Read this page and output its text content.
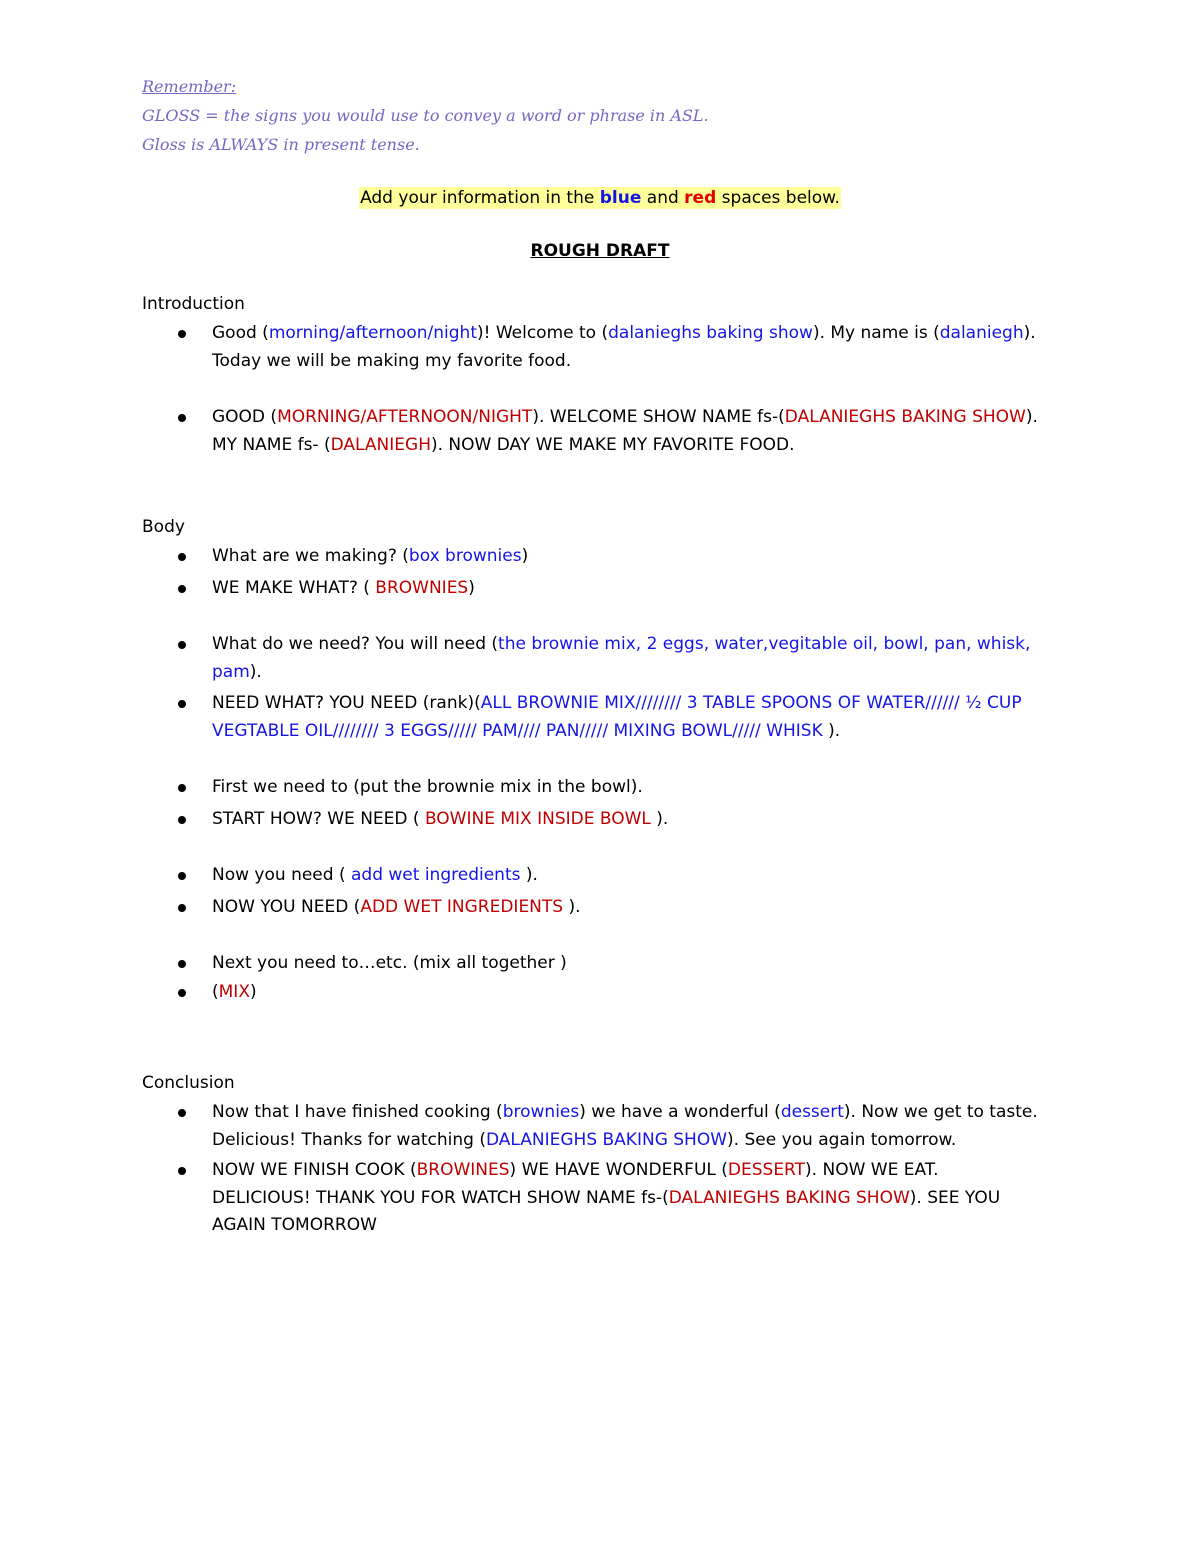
Remember:
GLOSS = the signs you would use to convey a word or phrase in ASL.
Gloss is ALWAYS in present tense.
Add your information in the blue and red spaces below.
ROUGH DRAFT
Introduction
Good (morning/afternoon/night)! Welcome to (dalanieghs baking show). My name is (dalaniegh). Today we will be making my favorite food.
GOOD (MORNING/AFTERNOON/NIGHT). WELCOME SHOW NAME fs-(DALANIEGHS BAKING SHOW). MY NAME fs- (DALANIEGH). NOW DAY WE MAKE MY FAVORITE FOOD.
Body
What are we making? (box brownies)
WE MAKE WHAT? ( BROWNIES)
What do we need? You will need (the brownie mix, 2 eggs, water,vegitable oil, bowl, pan, whisk, pam).
NEED WHAT? YOU NEED (rank)(ALL BROWNIE MIX//////// 3 TABLE SPOONS OF WATER////// ½ CUP VEGTABLE OIL//////// 3 EGGS///// PAM//// PAN///// MIXING BOWL///// WHISK ).
First we need to (put the brownie mix in the bowl).
START HOW? WE NEED ( BOWINE MIX INSIDE BOWL ).
Now you need ( add wet ingredients ).
NOW YOU NEED (ADD WET INGREDIENTS ).
Next you need to…etc. (mix all together )
(MIX)
Conclusion
Now that I have finished cooking (brownies) we have a wonderful (dessert). Now we get to taste. Delicious! Thanks for watching (DALANIEGHS BAKING SHOW). See you again tomorrow.
NOW WE FINISH COOK (BROWINES) WE HAVE WONDERFUL (DESSERT). NOW WE EAT. DELICIOUS! THANK YOU FOR WATCH SHOW NAME fs-(DALANIEGHS BAKING SHOW). SEE YOU AGAIN TOMORROW
